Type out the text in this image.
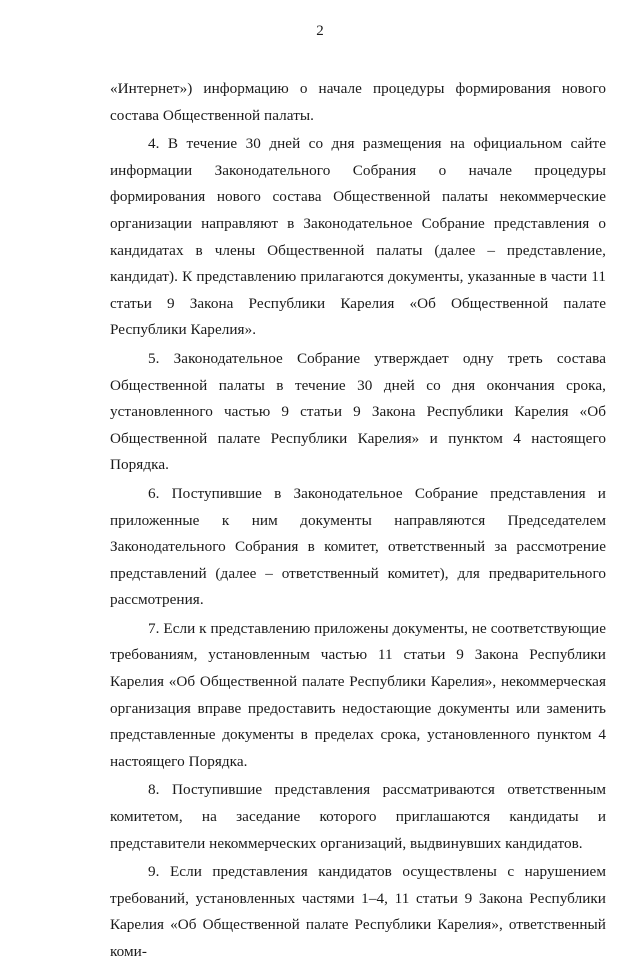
2

«Интернет») информацию о начале процедуры формирования нового состава Общественной палаты.

4. В течение 30 дней со дня размещения на официальном сайте информации Законодательного Собрания о начале процедуры формирования нового состава Общественной палаты некоммерческие организации направляют в Законодательное Собрание представления о кандидатах в члены Общественной палаты (далее – представление, кандидат). К представлению прилагаются документы, указанные в части 11 статьи 9 Закона Республики Карелия «Об Общественной палате Республики Карелия».

5. Законодательное Собрание утверждает одну треть состава Общественной палаты в течение 30 дней со дня окончания срока, установленного частью 9 статьи 9 Закона Республики Карелия «Об Общественной палате Республики Карелия» и пунктом 4 настоящего Порядка.

6. Поступившие в Законодательное Собрание представления и приложенные к ним документы направляются Председателем Законодательного Собрания в комитет, ответственный за рассмотрение представлений (далее – ответственный комитет), для предварительного рассмотрения.

7. Если к представлению приложены документы, не соответствующие требованиям, установленным частью 11 статьи 9 Закона Республики Карелия «Об Общественной палате Республики Карелия», некоммерческая организация вправе предоставить недостающие документы или заменить представленные документы в пределах срока, установленного пунктом 4 настоящего Порядка.

8. Поступившие представления рассматриваются ответственным комитетом, на заседание которого приглашаются кандидаты и представители некоммерческих организаций, выдвинувших кандидатов.

9. Если представления кандидатов осуществлены с нарушением требований, установленных частями 1–4, 11 статьи 9 Закона Республики Карелия «Об Общественной палате Республики Карелия», ответственный коми-
